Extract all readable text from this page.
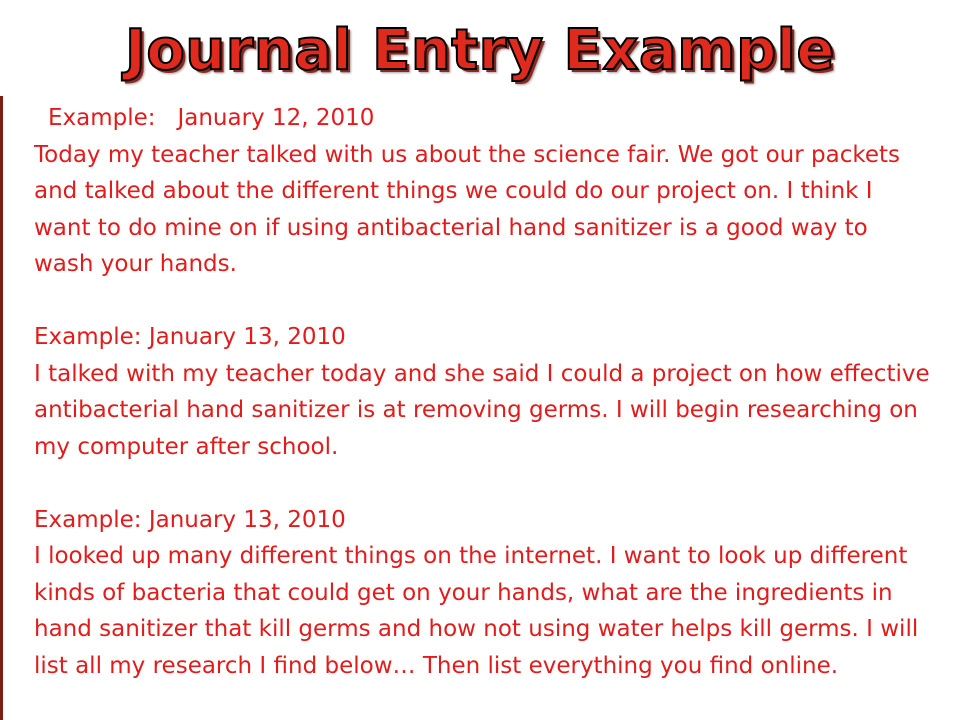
Journal Entry Example

Example:   January 12, 2010

Today my teacher talked with us about the science fair. We got our packets and talked about the different things we could do our project on. I think I want to do mine on if using antibacterial hand sanitizer is a good way to wash your hands.

Example: January 13, 2010

I talked with my teacher today and she said I could a project on how effective antibacterial hand sanitizer is at removing germs. I will begin researching on my computer after school.

Example: January 13, 2010

I looked up many different things on the internet. I want to look up different kinds of bacteria that could get on your hands, what are the ingredients in hand sanitizer that kill germs and how not using water helps kill germs. I will list all my research I find below… Then list everything you find online.
